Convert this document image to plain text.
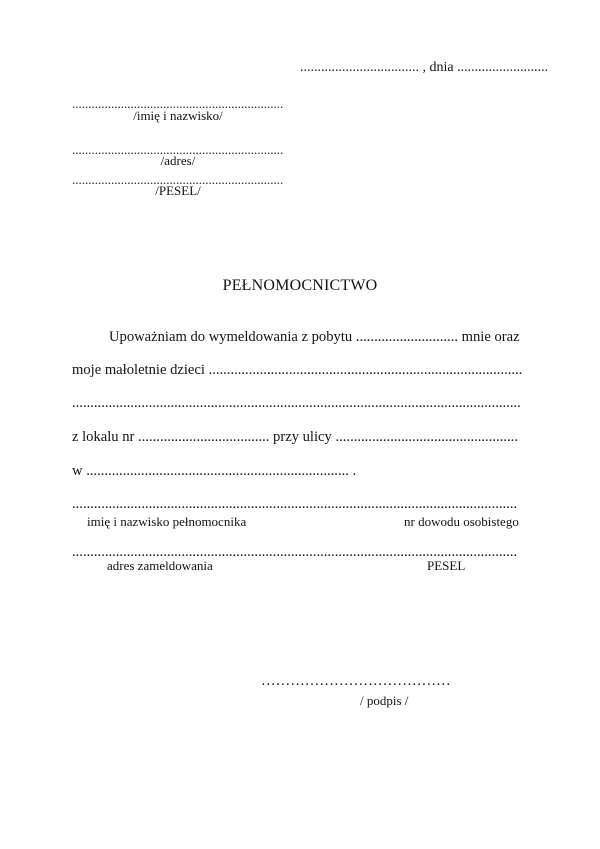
.................................. , dnia ..........................
.................................................................
/imię i nazwisko/
.................................................................
/adres/
.................................................................
/PESEL/
PEŁNOMOCNICTWO
Upoważniam do wymeldowania z pobytu ............................ mnie oraz
moje małoletnie dzieci ......................................................................................
...........................................................................................................................
z lokalu nr .................................... przy ulicy ..................................................
w ........................................................................ .
..........................................................................................................................
imię i nazwisko pełnomocnika	nr dowodu osobistego
..........................................................................................................................
adres zameldowania	PESEL
…………………………………
/ podpis /
